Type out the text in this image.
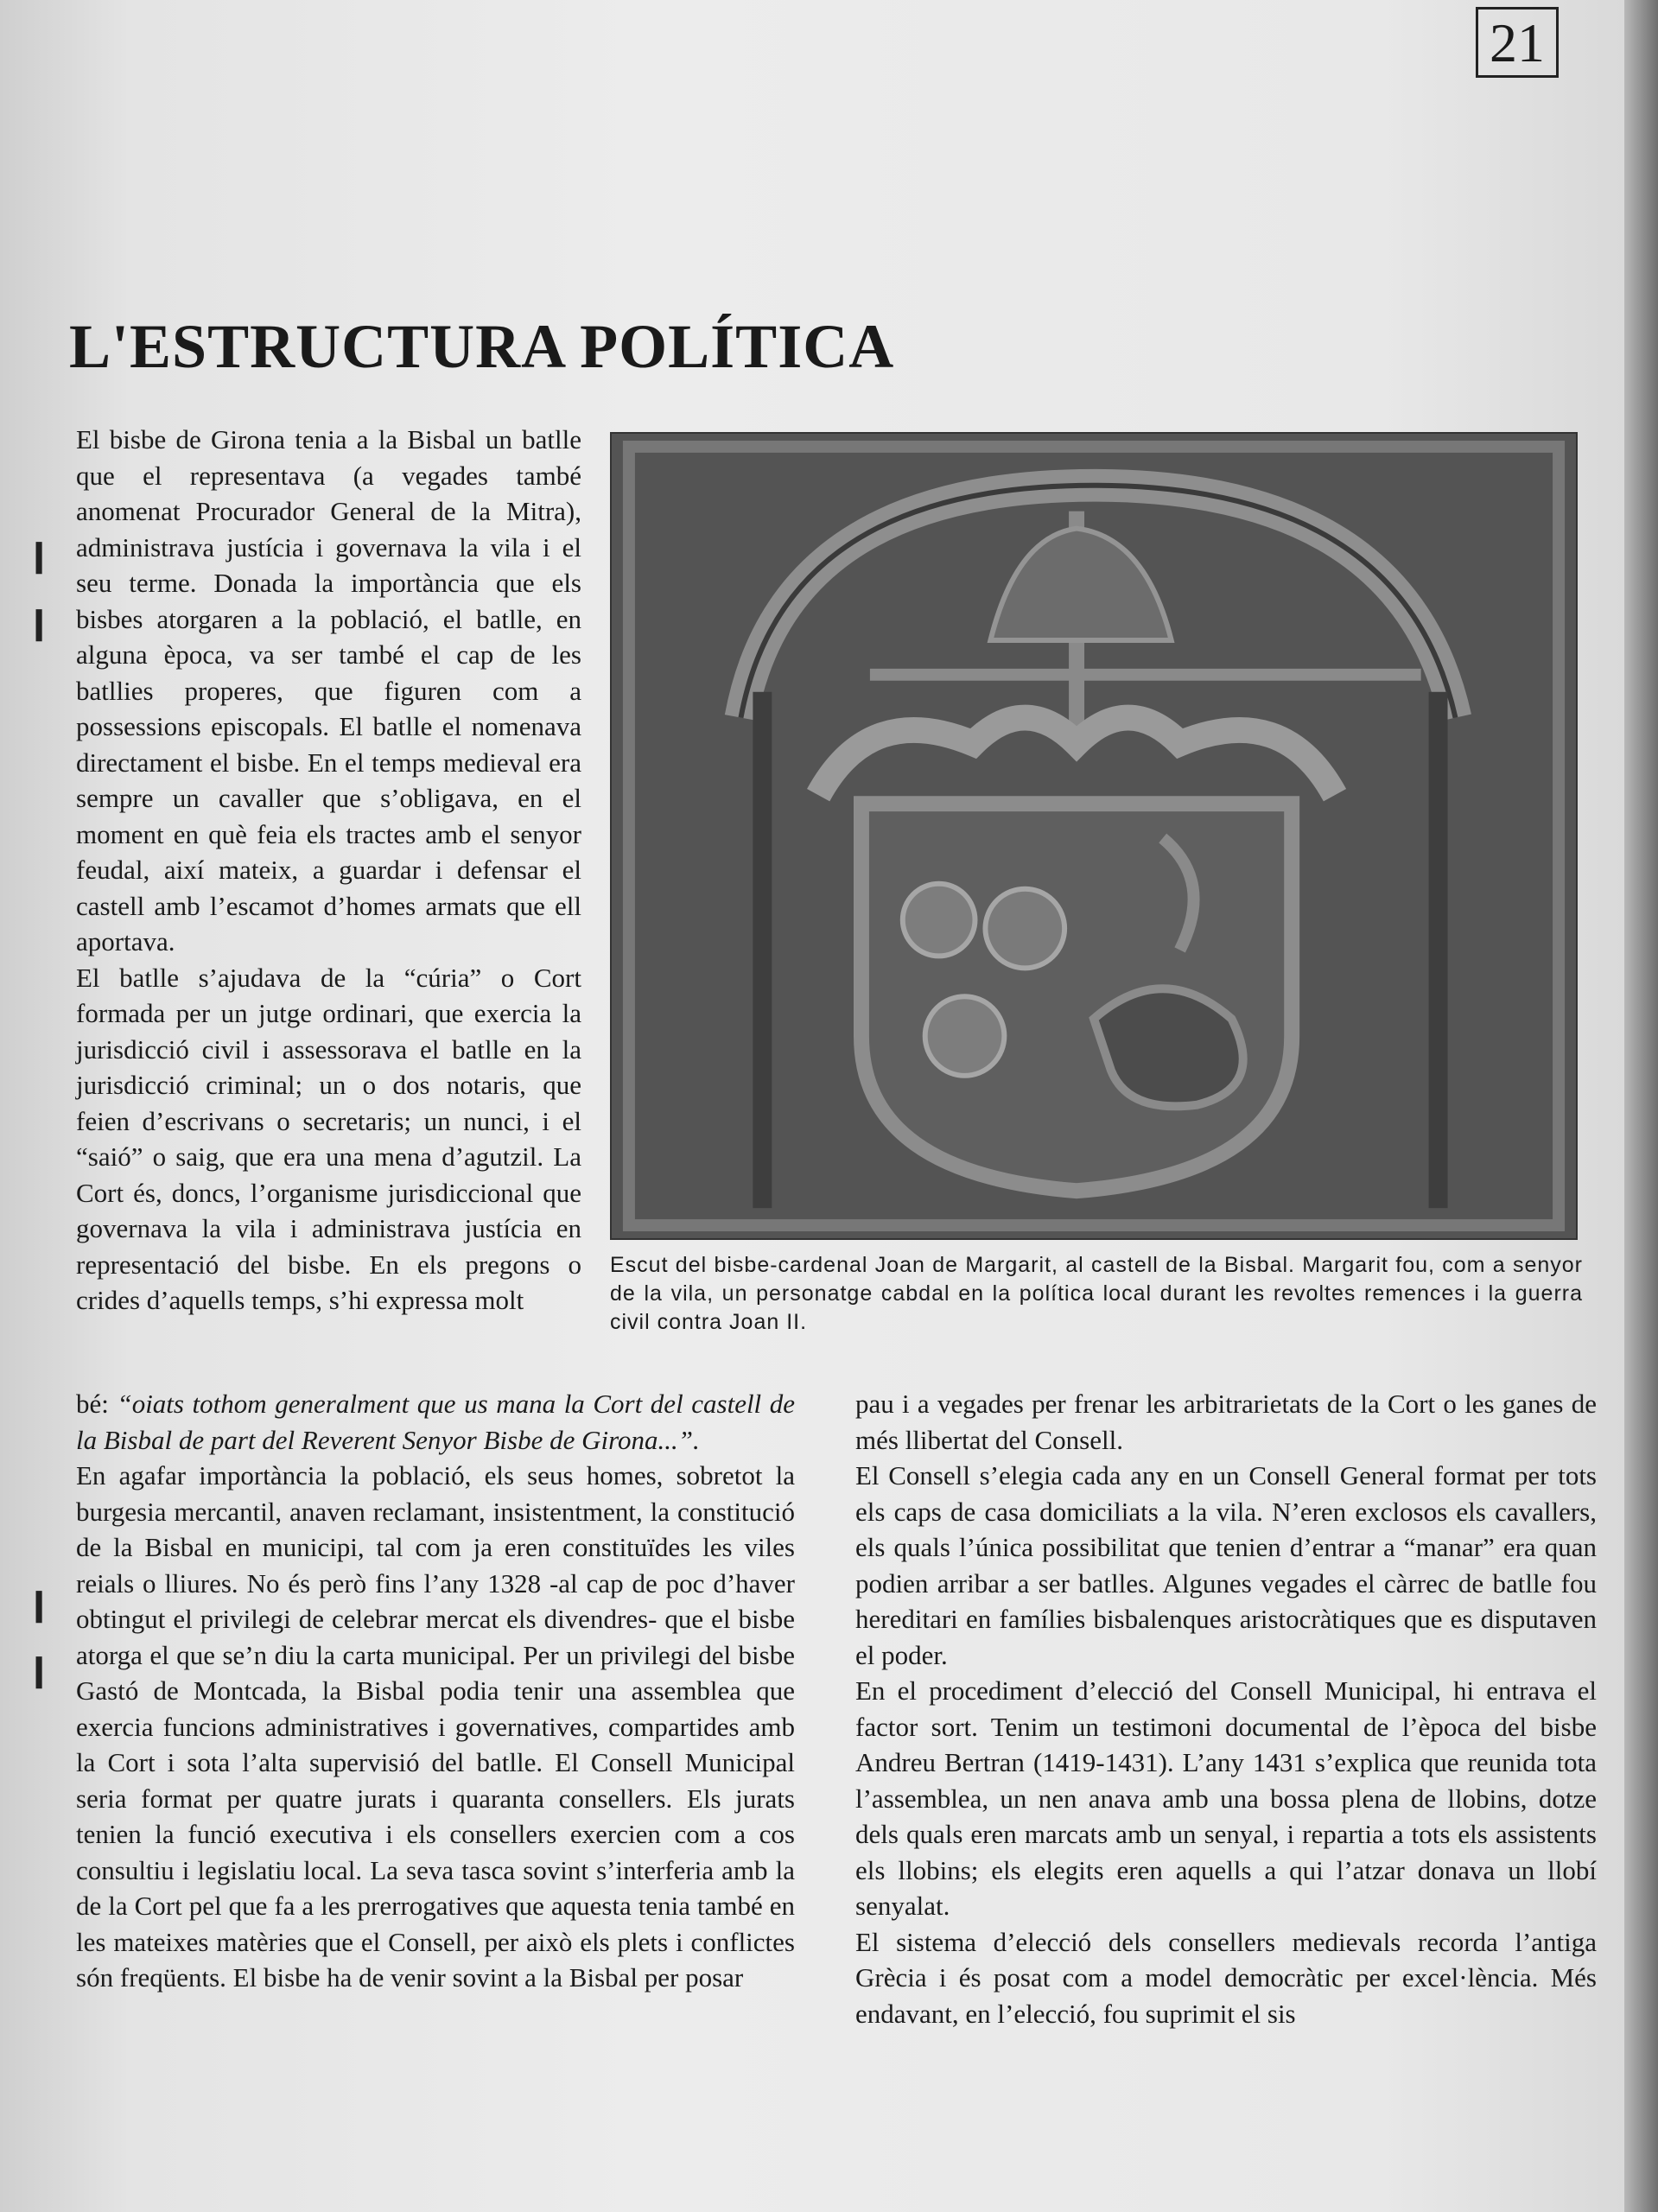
21
L'ESTRUCTURA POLÍTICA
❙
❙
❙
❙

El bisbe de Girona tenia a la Bisbal un batlle que el representava (a vegades també anomenat Procurador General de la Mitra), administrava justícia i governava la vila i el seu terme. Donada la importància que els bisbes atorgaren a la població, el batlle, en alguna època, va ser també el cap de les batllies properes, que figuren com a possessions episcopals. El batlle el nomenava directament el bisbe. En el temps medieval era sempre un cavaller que s’obligava, en el moment en què feia els tractes amb el senyor feudal, així mateix, a guardar i defensar el castell amb l’escamot d’homes armats que ell aportava.

El batlle s’ajudava de la “cúria” o Cort formada per un jutge ordinari, que exercia la jurisdicció civil i assessorava el batlle en la jurisdicció criminal; un o dos notaris, que feien d’escrivans o secretaris; un nunci, i el “saió” o saig, que era una mena d’agutzil. La Cort és, doncs, l’organisme jurisdiccional que governava la vila i administrava justícia en representació del bisbe. En els pregons o crides d’aquells temps, s’hi expressa molt

Escut del bisbe-cardenal Joan de Margarit, al castell de la Bisbal. Margarit fou, com a senyor de la vila, un personatge cabdal en la política local durant les revoltes remences i la guerra civil contra Joan II.

bé: “oiats tothom generalment que us mana la Cort del castell de la Bisbal de part del Reverent Senyor Bisbe de Girona...”.

En agafar importància la població, els seus homes, sobretot la burgesia mercantil, anaven reclamant, insistentment, la constitució de la Bisbal en municipi, tal com ja eren constituïdes les viles reials o lliures. No és però fins l’any 1328 -al cap de poc d’haver obtingut el privilegi de celebrar mercat els divendres- que el bisbe atorga el que se’n diu la carta municipal. Per un privilegi del bisbe Gastó de Montcada, la Bisbal podia tenir una assemblea que exercia funcions administratives i governatives, compartides amb la Cort i sota l’alta supervisió del batlle. El Consell Municipal seria format per quatre jurats i quaranta consellers. Els jurats tenien la funció executiva i els consellers exercien com a cos consultiu i legislatiu local. La seva tasca sovint s’interferia amb la de la Cort pel que fa a les prerrogatives que aquesta tenia també en les mateixes matèries que el Consell, per això els plets i conflictes són freqüents. El bisbe ha de venir sovint a la Bisbal per posar

pau i a vegades per frenar les arbitrarietats de la Cort o les ganes de més llibertat del Consell.

El Consell s’elegia cada any en un Consell General format per tots els caps de casa domiciliats a la vila. N’eren exclosos els cavallers, els quals l’única possibilitat que tenien d’entrar a “manar” era quan podien arribar a ser batlles. Algunes vegades el càrrec de batlle fou hereditari en famílies bisbalenques aristocràtiques que es disputaven el poder.

En el procediment d’elecció del Consell Municipal, hi entrava el factor sort. Tenim un testimoni documental de l’època del bisbe Andreu Bertran (1419-1431). L’any 1431 s’explica que reunida tota l’assemblea, un nen anava amb una bossa plena de llobins, dotze dels quals eren marcats amb un senyal, i repartia a tots els assistents els llobins; els elegits eren aquells a qui l’atzar donava un llobí senyalat.

El sistema d’elecció dels consellers medievals recorda l’antiga Grècia i és posat com a model democràtic per excel·lència. Més endavant, en l’elecció, fou suprimit el sis
